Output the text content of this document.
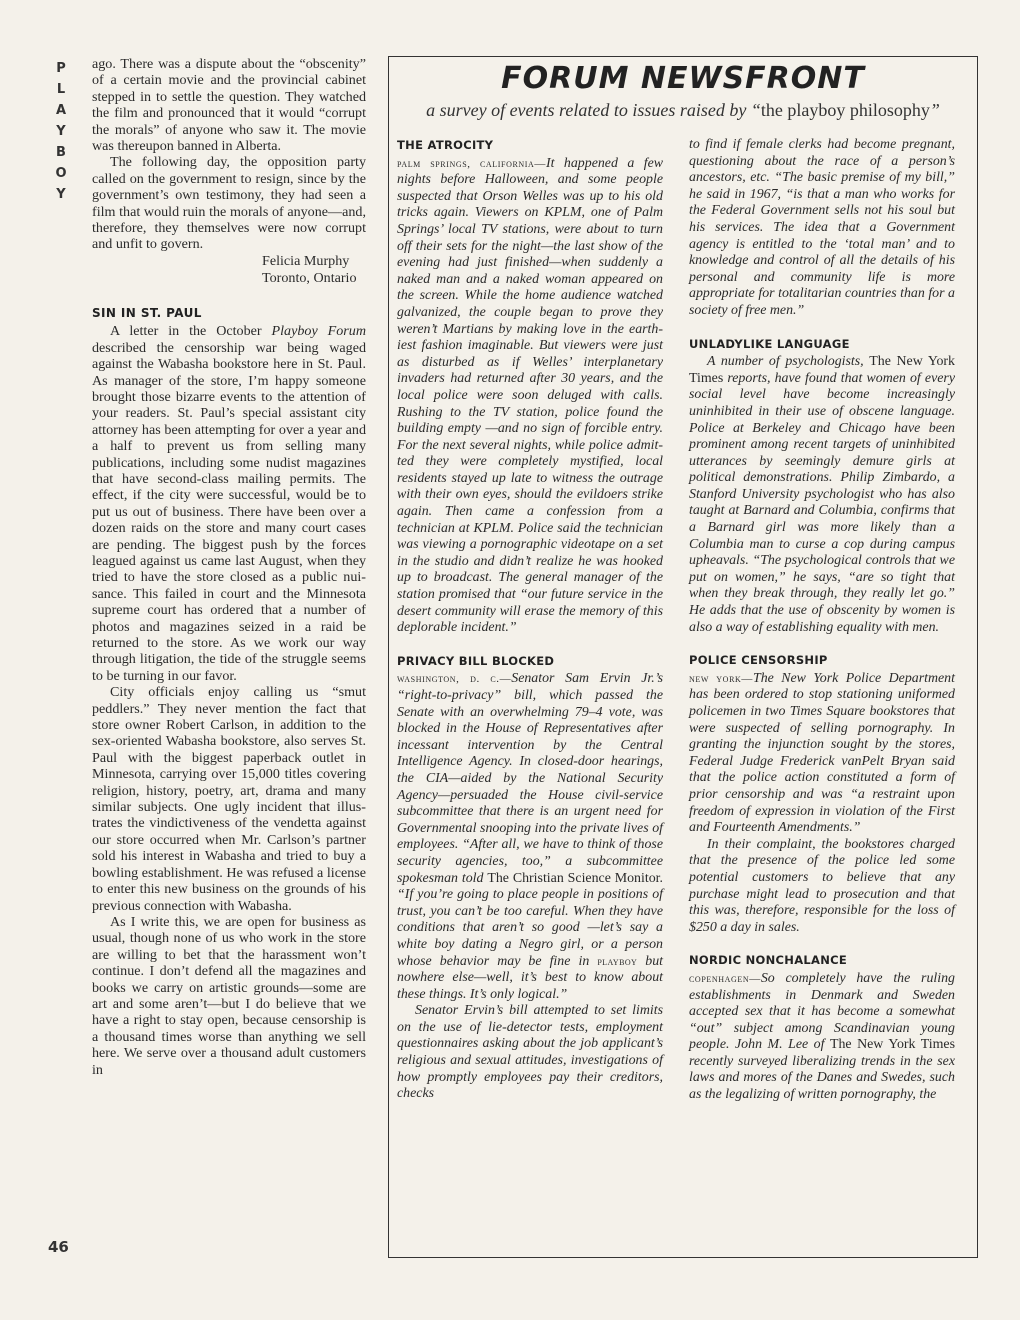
P
L
A
Y
B
O
Y
46

ago. There was a dispute about the “obscenity” of a certain movie and the provincial cabinet stepped in to settle the question. They watched the film and pronounced that it would “corrupt the morals” of anyone who saw it. The movie was thereupon banned in Alberta.

The following day, the opposition party called on the government to resign, since by the government’s own testimony, they had seen a film that would ruin the morals of anyone—and, therefore, they themselves were now corrupt and unfit to govern.

Felicia Murphy

Toronto, Ontario

SIN IN ST. PAUL

A letter in the October Playboy Forum described the censorship war being waged against the Wabasha bookstore here in St. Paul. As manager of the store, I’m happy someone brought those bizarre events to the attention of your readers. St. Paul’s special assistant city attorney has been attempting for over a year and a half to prevent us from selling many publications, including some nudist magazines that have second-class mailing permits. The effect, if the city were successful, would be to put us out of business. There have been over a dozen raids on the store and many court cases are pending. The biggest push by the forces leagued against us came last August, when they tried to have the store closed as a public nuisance. This failed in court and the Minnesota supreme court has ordered that a number of photos and magazines seized in a raid be returned to the store. As we work our way through litigation, the tide of the struggle seems to be turning in our favor.

City officials enjoy calling us “smut peddlers.” They never mention the fact that store owner Robert Carlson, in addition to the sex-oriented Wabasha bookstore, also serves St. Paul with the biggest paperback outlet in Minnesota, carrying over 15,000 titles covering religion, history, poetry, art, drama and many similar subjects. One ugly incident that illustrates the vindictiveness of the vendetta against our store occurred when Mr. Carlson’s partner sold his interest in Wabasha and tried to buy a bowling establishment. He was refused a license to enter this new business on the grounds of his previous connection with Wabasha.

As I write this, we are open for business as usual, though none of us who work in the store are willing to bet that the harassment won’t continue. I don’t defend all the magazines and books we carry on artistic grounds—some are art and some aren’t—but I do believe that we have a right to stay open, because censorship is a thousand times worse than anything we sell here. We serve over a thousand adult customers in

FORUM NEWSFRONT
a survey of events related to issues raised by “the playboy philosophy”
THE ATROCITY

palm springs, california—It happened a few nights before Halloween, and some people suspected that Orson Welles was up to his old tricks again. Viewers on KPLM, one of Palm Springs’ local TV stations, were about to turn off their sets for the night—the last show of the evening had just finished—when suddenly a naked man and a naked woman appeared on the screen. While the home audience watched galvanized, the couple began to prove they weren’t Martians by making love in the earthiest fashion imaginable. But viewers were just as disturbed as if Welles’ interplanetary invaders had returned after 30 years, and the local police were soon deluged with calls. Rushing to the TV station, police found the building empty —and no sign of forcible entry. For the next several nights, while police admitted they were completely mystified, local residents stayed up late to witness the outrage with their own eyes, should the evildoers strike again. Then came a confession from a technician at KPLM. Police said the technician was viewing a pornographic videotape on a set in the studio and didn’t realize he was hooked up to broadcast. The general manager of the station promised that “our future service in the desert community will erase the memory of this deplorable incident.”

PRIVACY BILL BLOCKED

washington, d. c.—Senator Sam Ervin Jr.’s “right-to-privacy” bill, which passed the Senate with an overwhelming 79–4 vote, was blocked in the House of Representatives after incessant intervention by the Central Intelligence Agency. In closed-door hearings, the CIA—aided by the National Security Agency—persuaded the House civil-service subcommittee that there is an urgent need for Governmental snooping into the private lives of employees. “After all, we have to think of those security agencies, too,” a subcommittee spokesman told The Christian Science Monitor. “If you’re going to place people in positions of trust, you can’t be too careful. When they have conditions that aren’t so good —let’s say a white boy dating a Negro girl, or a person whose behavior may be fine in playboy but nowhere else—well, it’s best to know about these things. It’s only logical.”

Senator Ervin’s bill attempted to set limits on the use of lie-detector tests, employment questionnaires asking about the job applicant’s religious and sexual attitudes, investigations of how promptly employees pay their creditors, checks

to find if female clerks had become pregnant, questioning about the race of a person’s ancestors, etc. “The basic premise of my bill,” he said in 1967, “is that a man who works for the Federal Government sells not his soul but his services. The idea that a Government agency is entitled to the ‘total man’ and to knowledge and control of all the details of his personal and community life is more appropriate for totalitarian countries than for a society of free men.”

UNLADYLIKE LANGUAGE

A number of psychologists, The New York Times reports, have found that women of every social level have become increasingly uninhibited in their use of obscene language. Police at Berkeley and Chicago have been prominent among recent targets of uninhibited utterances by seemingly demure girls at political demonstrations. Philip Zimbardo, a Stanford University psychologist who has also taught at Barnard and Columbia, confirms that a Barnard girl was more likely than a Columbia man to curse a cop during campus upheavals. “The psychological controls that we put on women,” he says, “are so tight that when they break through, they really let go.” He adds that the use of obscenity by women is also a way of establishing equality with men.

POLICE CENSORSHIP

new york—The New York Police Department has been ordered to stop stationing uniformed policemen in two Times Square bookstores that were suspected of selling pornography. In granting the injunction sought by the stores, Federal Judge Frederick vanPelt Bryan said that the police action constituted a form of prior censorship and was “a restraint upon freedom of expression in violation of the First and Fourteenth Amendments.”

In their complaint, the bookstores charged that the presence of the police led some potential customers to believe that any purchase might lead to prosecution and that this was, therefore, responsible for the loss of $250 a day in sales.

NORDIC NONCHALANCE

copenhagen—So completely have the ruling establishments in Denmark and Sweden accepted sex that it has become a somewhat “out” subject among Scandinavian young people. John M. Lee of The New York Times recently surveyed liberalizing trends in the sex laws and mores of the Danes and Swedes, such as the legalizing of written pornography, the
